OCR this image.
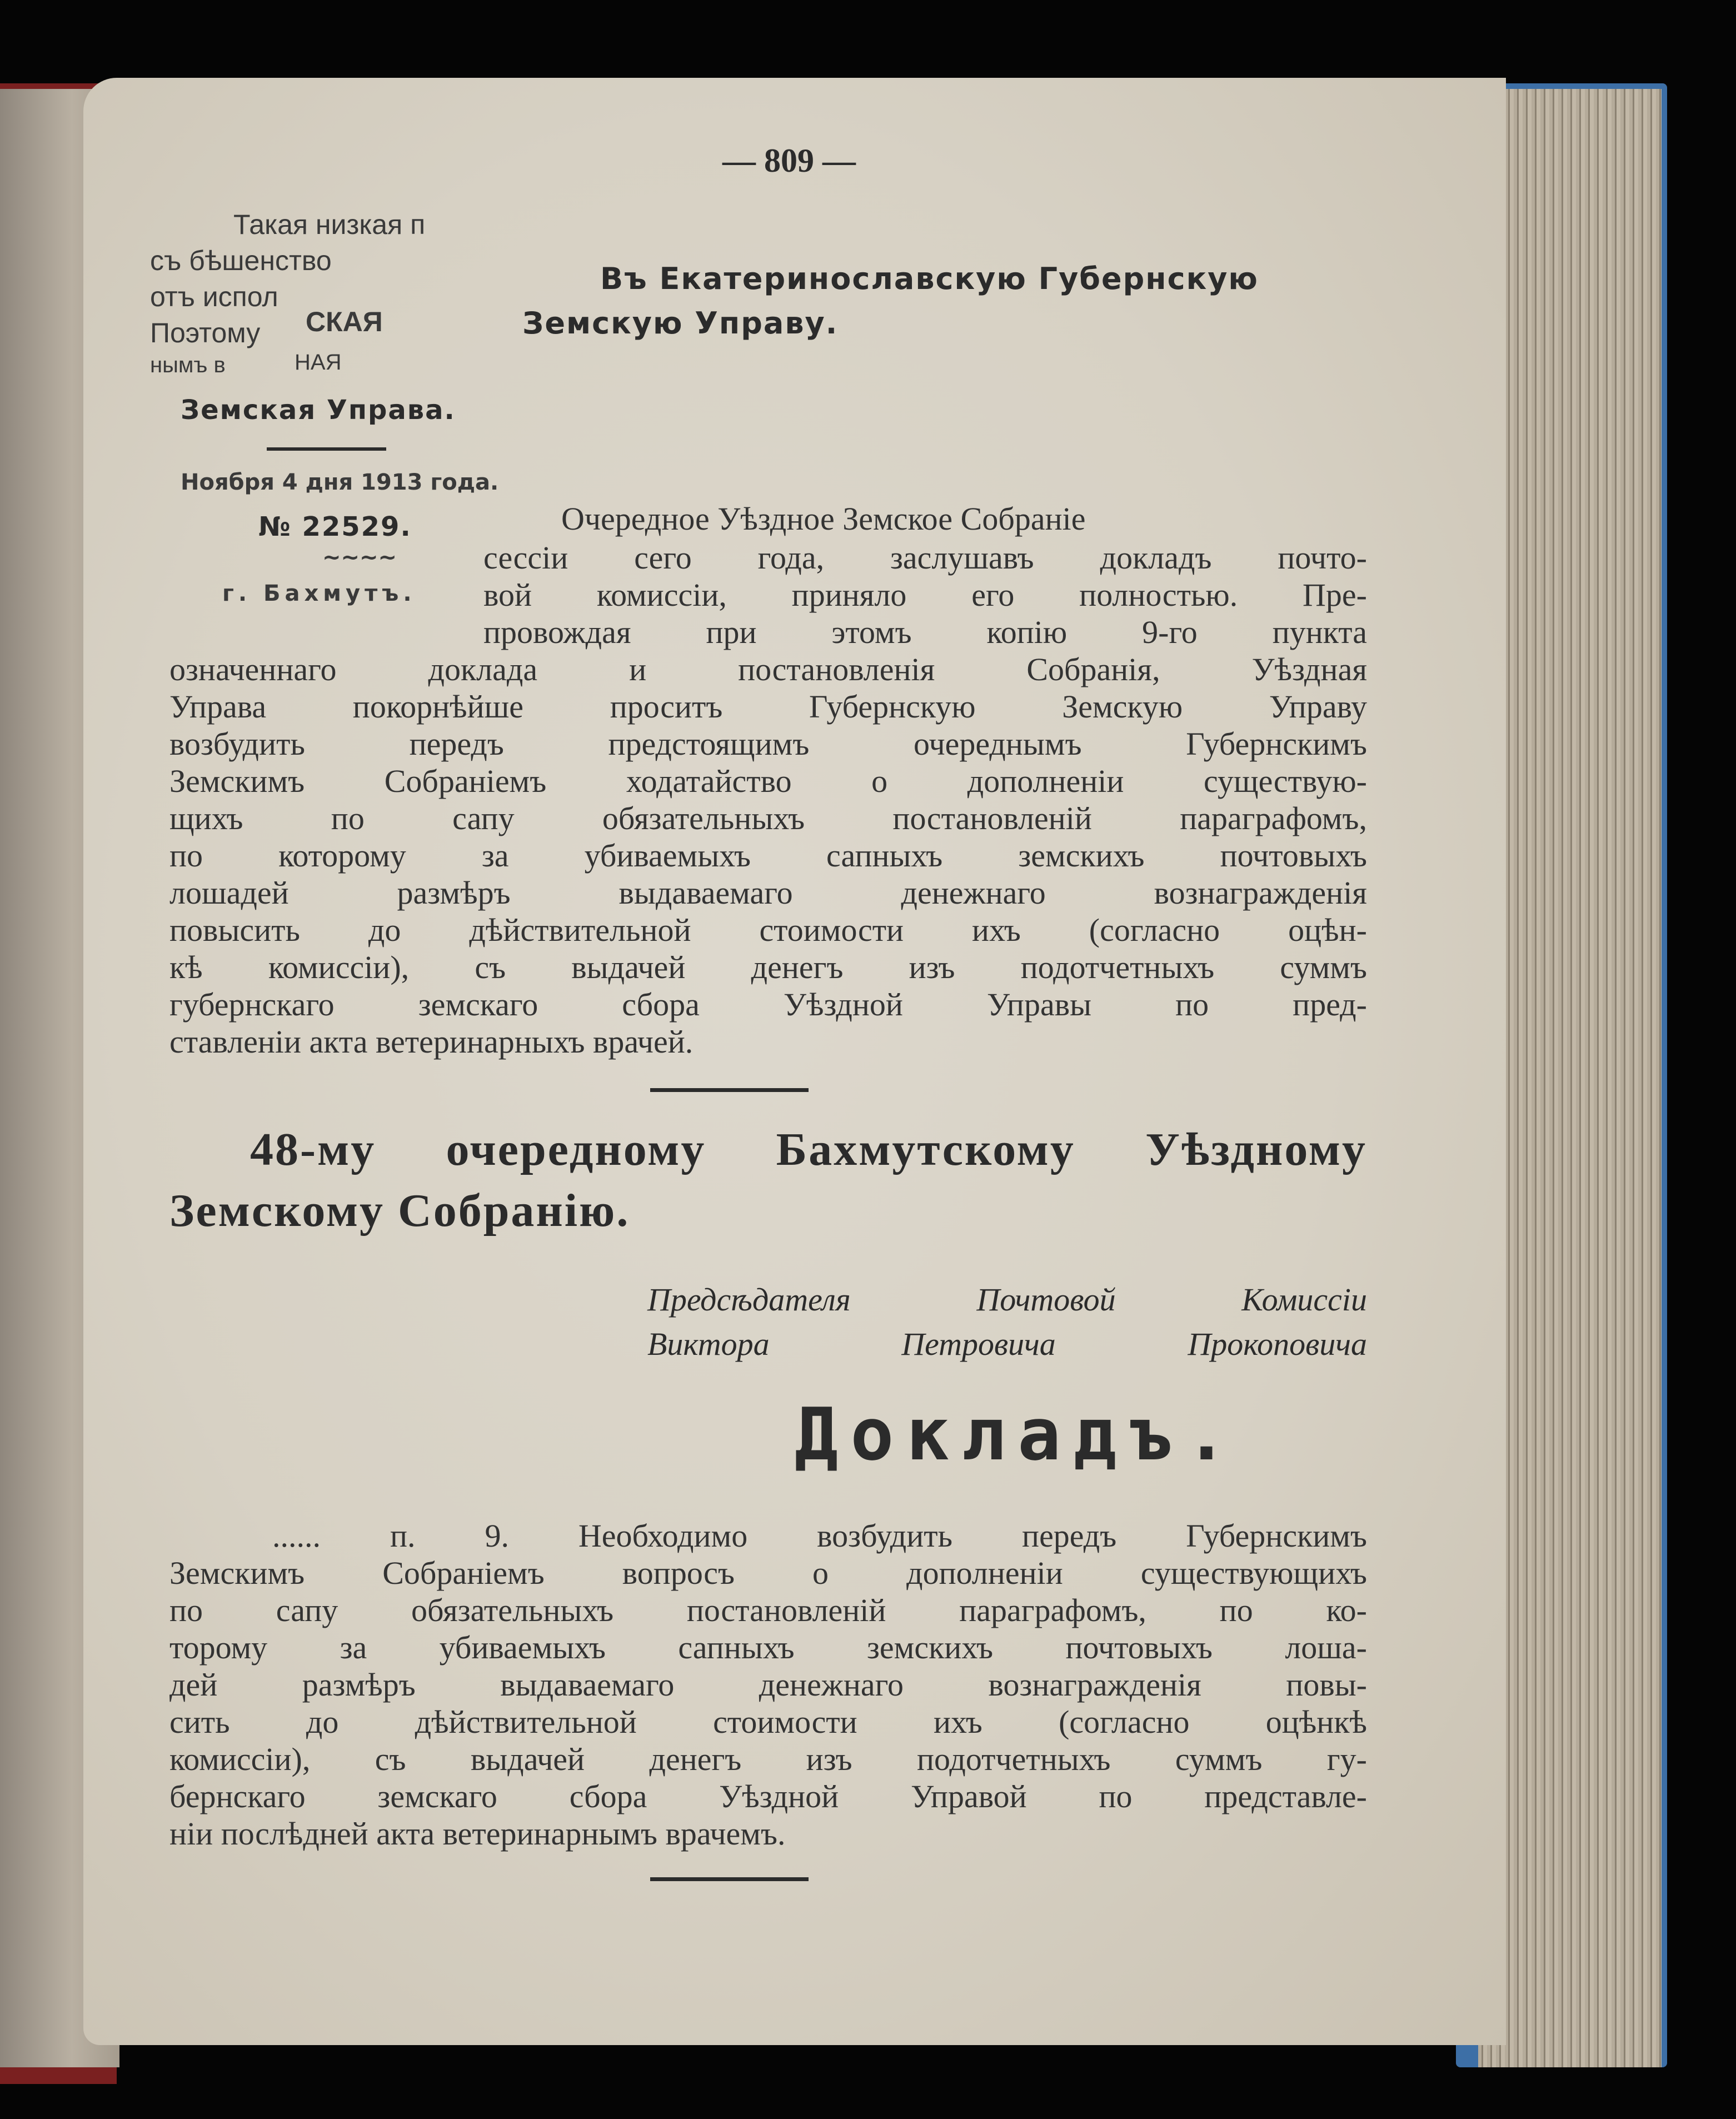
— 809 —
Такая низкая п
съ бѣшенство
отъ испол
Поэтому СКАЯ
нымъ в	НАЯ
Земская Управа.
Ноября 4 дня 1913 года.
№ 22529.
~~~~
г. Бахмутъ.
Въ Екатеринославскую Губернскую
Земскую Управу.
Очередное Уѣздное Земское Собраніе
сессіи сего года, заслушавъ докладъ почто-
вой комиссіи, приняло его полностью. Пре-
провождая при этомъ копію 9-го пункта
означеннаго доклада и постановленія Собранія, Уѣздная
Управа покорнѣйше проситъ Губернскую Земскую Управу
возбудить передъ предстоящимъ очереднымъ Губернскимъ
Земскимъ Собраніемъ ходатайство о дополненіи существую-
щихъ по сапу обязательныхъ постановленій параграфомъ,
по которому за убиваемыхъ сапныхъ земскихъ почтовыхъ
лошадей размѣръ выдаваемаго денежнаго вознагражденія
повысить до дѣйствительной стоимости ихъ (согласно оцѣн-
кѣ комиссіи), съ выдачей денегъ изъ подотчетныхъ суммъ
губернскаго земскаго сбора Уѣздной Управы по пред-
ставленіи акта ветеринарныхъ врачей.
48-му очередному Бахмутскому Уѣздному
Земскому Собранію.
Предсѣдателя Почтовой Комиссіи
Виктора Петровича Прокоповича
Докладъ.
...... п. 9. Необходимо возбудить передъ Губернскимъ
Земскимъ Собраніемъ вопросъ о дополненіи существующихъ
по сапу обязательныхъ постановленій параграфомъ, по ко-
торому за убиваемыхъ сапныхъ земскихъ почтовыхъ лоша-
дей размѣръ выдаваемаго денежнаго вознагражденія повы-
сить до дѣйствительной стоимости ихъ (согласно оцѣнкѣ
комиссіи), съ выдачей денегъ изъ подотчетныхъ суммъ гу-
бернскаго земскаго сбора Уѣздной Управой по представле-
ніи послѣдней акта ветеринарнымъ врачемъ.
